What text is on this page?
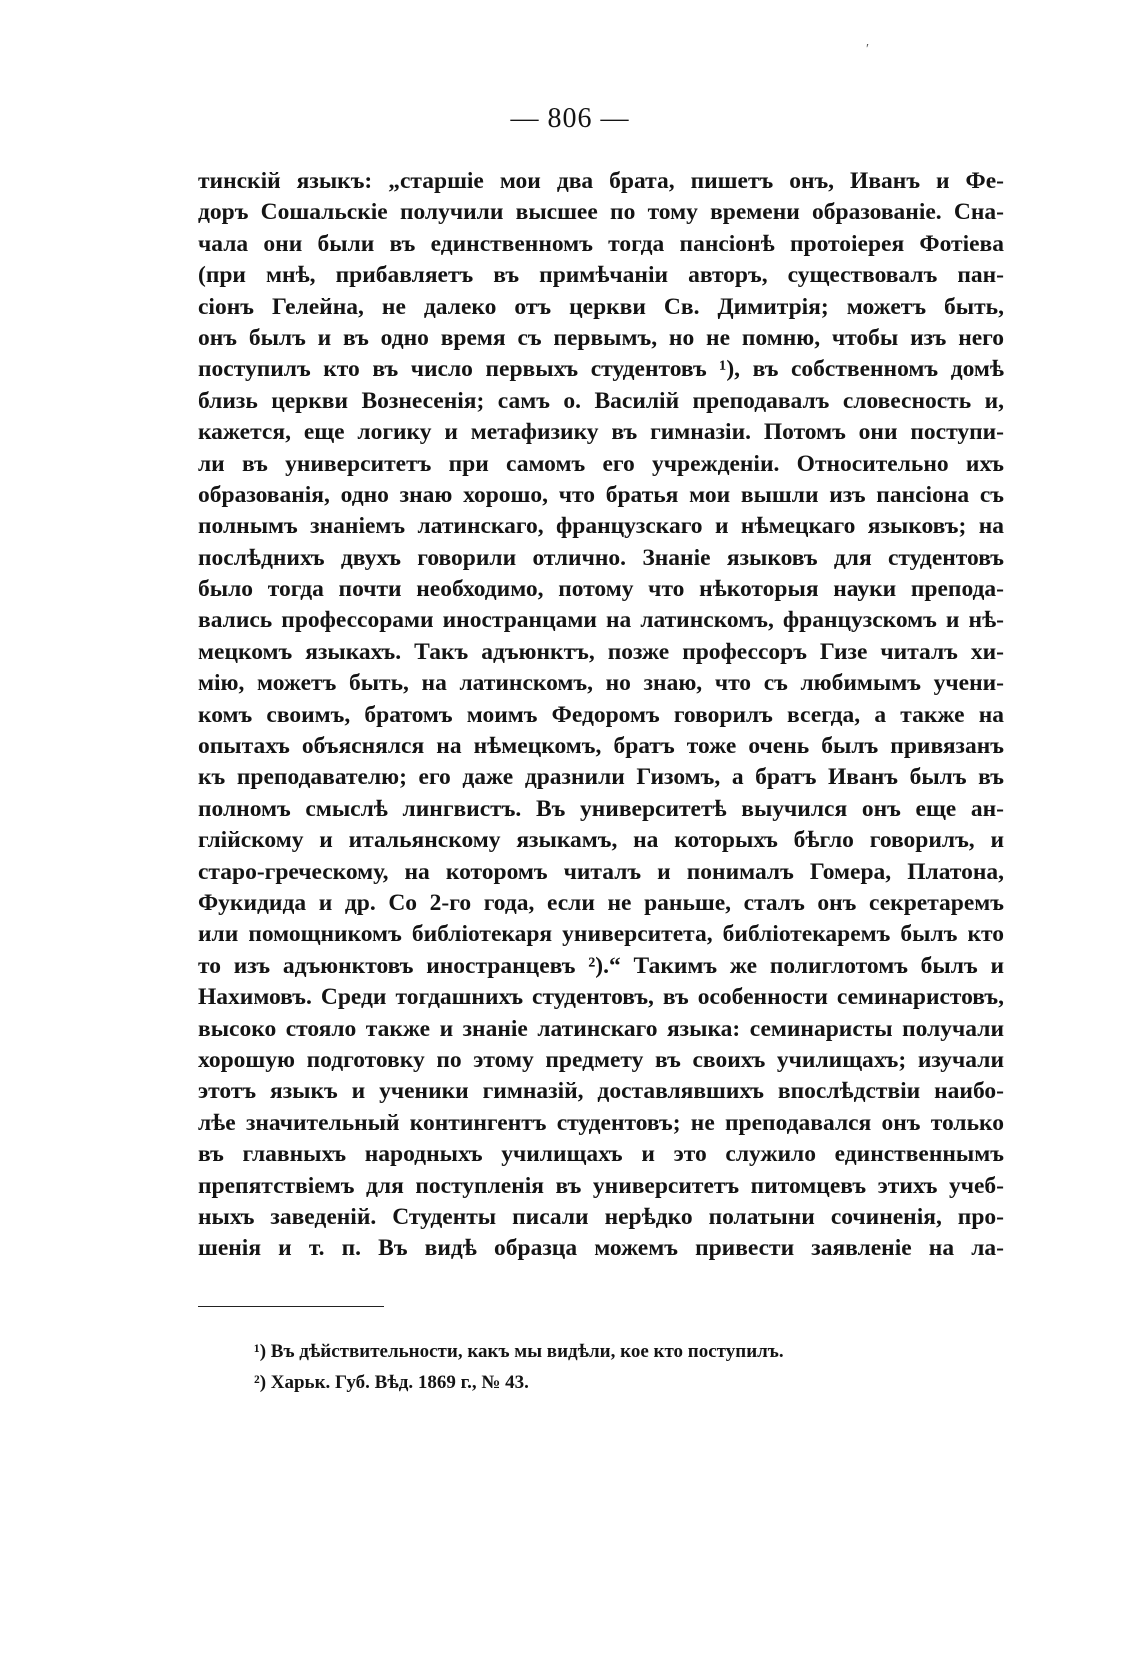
′
— 806 —
тинскій языкъ: „старшіе мои два брата, пишетъ онъ, Иванъ и Фе-
доръ Сошальскіе получили высшее по тому времени образованіе. Сна-
чала они были въ единственномъ тогда пансіонѣ протоіерея Фотіева
(при мнѣ, прибавляетъ въ примѣчаніи авторъ, существовалъ пан-
сіонъ Гелейна, не далеко отъ церкви Св. Димитрія; можетъ быть,
онъ былъ и въ одно время съ первымъ, но не помню, чтобы изъ него
поступилъ кто въ число первыхъ студентовъ ¹), въ собственномъ домѣ
близь церкви Вознесенія; самъ о. Василій преподавалъ словесность и,
кажется, еще логику и метафизику въ гимназіи. Потомъ они поступи-
ли въ университетъ при самомъ его учрежденіи. Относительно ихъ
образованія, одно знаю хорошо, что братья мои вышли изъ пансіона съ
полнымъ знаніемъ латинскаго, французскаго и нѣмецкаго языковъ; на
послѣднихъ двухъ говорили отлично. Знаніе языковъ для студентовъ
было тогда почти необходимо, потому что нѣкоторыя науки препода-
вались профессорами иностранцами на латинскомъ, французскомъ и нѣ-
мецкомъ языкахъ. Такъ адъюнктъ, позже профессоръ Гизе читалъ хи-
мію, можетъ быть, на латинскомъ, но знаю, что съ любимымъ учени-
комъ своимъ, братомъ моимъ Федоромъ говорилъ всегда, а также на
опытахъ объяснялся на нѣмецкомъ, братъ тоже очень былъ привязанъ
къ преподавателю; его даже дразнили Гизомъ, а братъ Иванъ былъ въ
полномъ смыслѣ лингвистъ. Въ университетѣ выучился онъ еще ан-
глійскому и итальянскому языкамъ, на которыхъ бѣгло говорилъ, и
старо-греческому, на которомъ читалъ и понималъ Гомера, Платона,
Фукидида и др. Со 2-го года, если не раньше, сталъ онъ секретаремъ
или помощникомъ библіотекаря университета, библіотекаремъ былъ кто
то изъ адъюнктовъ иностранцевъ ²).“ Такимъ же полиглотомъ былъ и
Нахимовъ. Среди тогдашнихъ студентовъ, въ особенности семинаристовъ,
высоко стояло также и знаніе латинскаго языка: семинаристы получали
хорошую подготовку по этому предмету въ своихъ училищахъ; изучали
этотъ языкъ и ученики гимназій, доставлявшихъ впослѣдствіи наибо-
лѣе значительный контингентъ студентовъ; не преподавался онъ только
въ главныхъ народныхъ училищахъ и это служило единственнымъ
препятствіемъ для поступленія въ университетъ питомцевъ этихъ учеб-
ныхъ заведеній. Студенты писали нерѣдко полатыни сочиненія, про-
шенія и т. п. Въ видѣ образца можемъ привести заявленіе на ла-
¹) Въ дѣйствительности, какъ мы видѣли, кое кто поступилъ.
²) Харьк. Губ. Вѣд. 1869 г., № 43.
